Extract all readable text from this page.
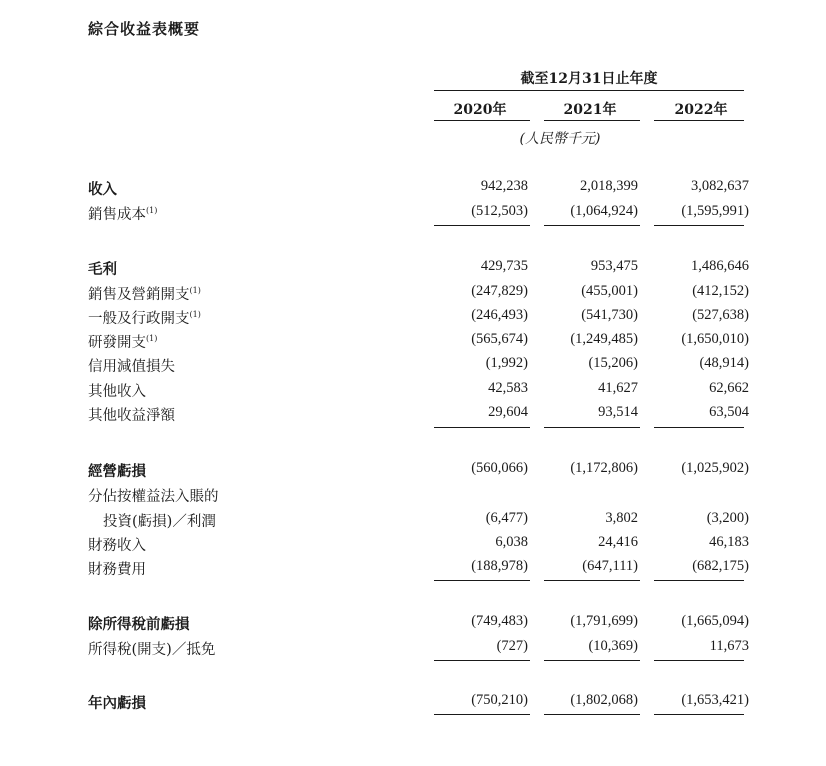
綜合收益表概要
截至12月31日止年度
2020年	2021年	2022年
(人民幣千元)
收入	942,238	2,018,399	3,082,637
銷售成本$^{(1)}$	(512,503)	(1,064,924)	(1,595,991)
毛利	429,735	953,475	1,486,646
銷售及營銷開支$^{(1)}$	(247,829)	(455,001)	(412,152)
一般及行政開支$^{(1)}$	(246,493)	(541,730)	(527,638)
研發開支$^{(1)}$	(565,674)	(1,249,485)	(1,650,010)
信用減值損失	(1,992)	(15,206)	(48,914)
其他收入	42,583	41,627	62,662
其他收益淨額	29,604	93,514	63,504
經營虧損	(560,066)	(1,172,806)	(1,025,902)
分佔按權益法入賬的
投資(虧損)／利潤	(6,477)	3,802	(3,200)
財務收入	6,038	24,416	46,183
財務費用	(188,978)	(647,111)	(682,175)
除所得稅前虧損	(749,483)	(1,791,699)	(1,665,094)
所得稅(開支)／抵免	(727)	(10,369)	11,673
年內虧損	(750,210)	(1,802,068)	(1,653,421)
